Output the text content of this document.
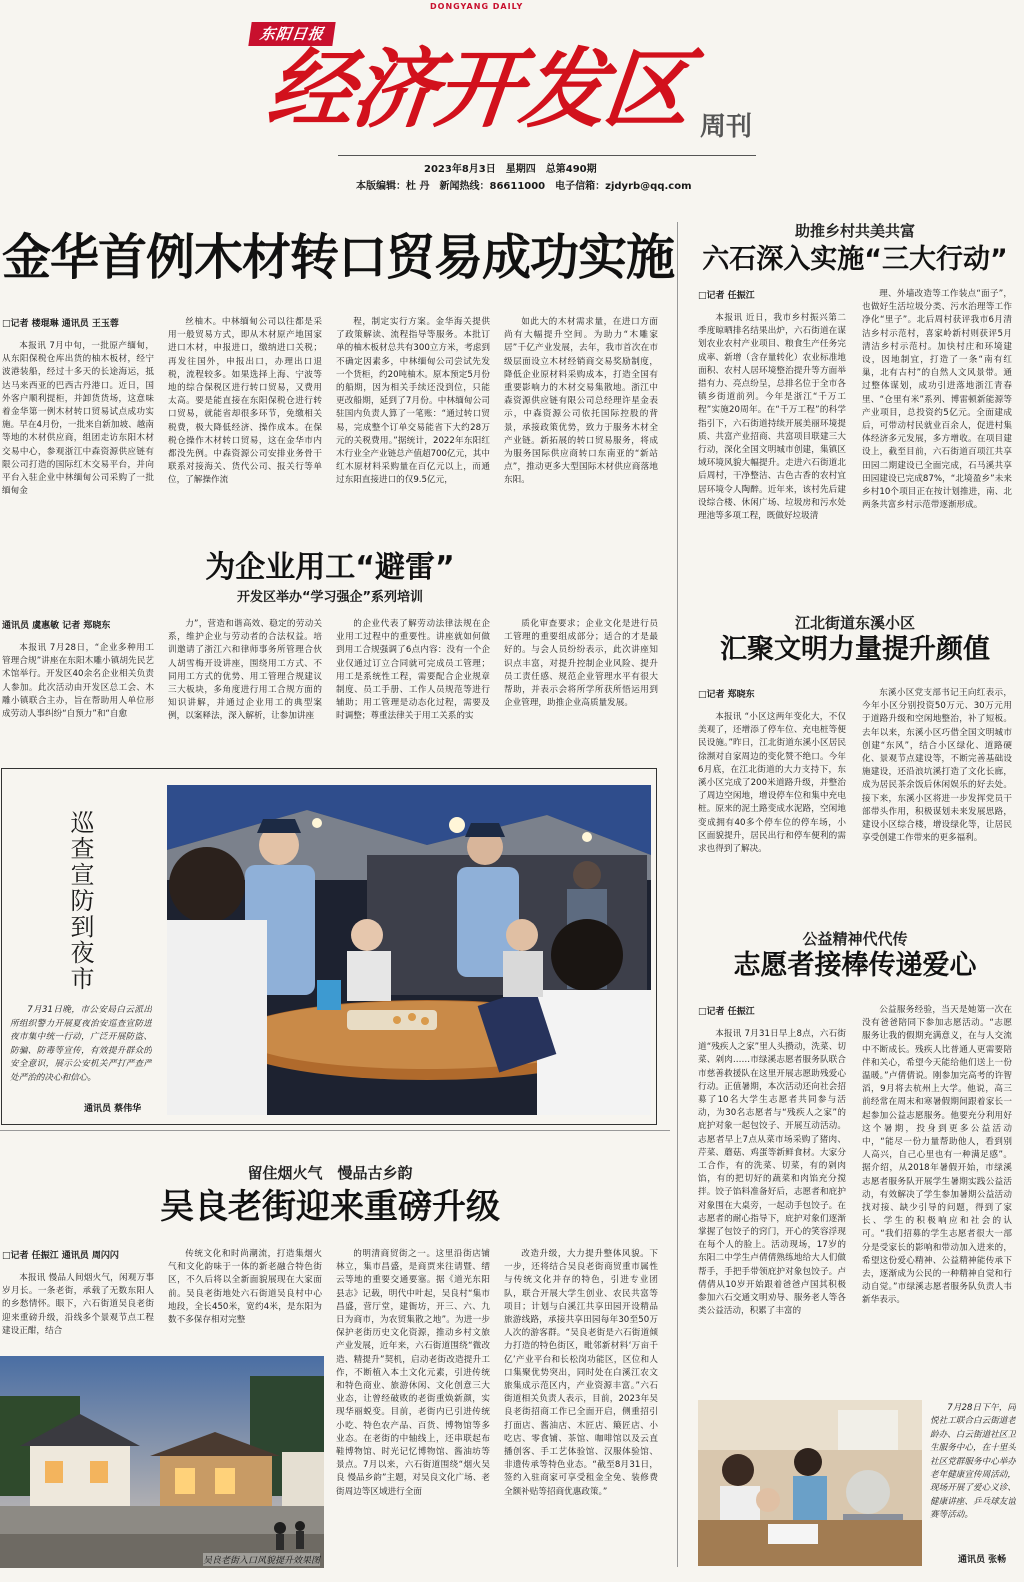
DONGYANG DAILY
东阳日报
经济开发区 周刊
2023年8月3日　星期四　总第490期
本版编辑：杜 丹　新闻热线：86611000　电子信箱：zjdyrb@qq.com
金华首例木材转口贸易成功实施
□记者 楼琨琳 通讯员 王玉蓉

本报讯 7月中旬，一批原产缅甸，从东阳保税仓库出货的柚木板材，经宁波港装船，经过十多天的长途海运，抵达马来西亚的巴西古丹港口。近日，国外客户顺利提柜，并卸货货场，这意味着金华第一例木材转口贸易试点成功实施。早在4月份，一批来自新加坡、越南等地的木材供应商，组团走访东阳木材交易中心，参观浙江中森资源供应链有限公司打造的国际红木交易平台，并向平台入驻企业中林缅甸公司采购了一批缅甸金

丝柚木。中林缅甸公司以往都是采用一般贸易方式，即从木材原产地国家进口木材，申报进口，缴纳进口关税；再发往国外，申报出口，办理出口退税，流程较多。如果选择上海、宁波等地的综合保税区进行转口贸易，又费用太高。要是能直接在东阳保税仓进行转口贸易，就能省却很多环节，免缴相关税费，极大降低经济、操作成本。在保税仓操作木材转口贸易，这在金华市内都没先例。中森资源公司安排业务骨干联系对接海关、货代公司、报关行等单位，了解操作流

程，制定实行方案。金华海关提供了政策解读、流程指导等服务。本批订单的柚木板材总共有300立方米，考虑到不确定因素多，中林缅甸公司尝试先发一个货柜，约20吨柚木。原本预定5月份的船期，因为相关手续还没到位，只能更改船期，延到了7月份。中林缅甸公司驻国内负责人算了一笔账：“通过转口贸易，完成整个订单交易能省下大约28万元的关税费用。”据统计，2022年东阳红木行业全产业链总产值超700亿元，其中红木原材料采购量在百亿元以上，而通过东阳直接进口的仅9.5亿元，

如此大的木材需求量，在进口方面尚有大幅提升空间。为助力“木雕家居”千亿产业发展，去年，我市首次在市级层面设立木材经销商交易奖励制度，降低企业原材料采购成本，打造全国有重要影响力的木材交易集散地。浙江中森资源供应链有限公司总经理许星金表示，中森资源公司依托国际控股的背景，承接政策优势，致力于服务木材全产业链。新拓展的转口贸易服务，将成为服务国际供应商转口东南亚的“新站点”，推动更多大型国际木材供应商落地东阳。

助推乡村共美共富
六石深入实施“三大行动”
□记者 任振江

本报讯 近日，我市乡村振兴第二季度晾晒排名结果出炉，六石街道在谋划农业农村产业项目、粮食生产任务完成率、新增（含存量转化）农业标准地面积、农村人居环境整治提升等方面举措有力、亮点纷呈，总排名位于全市各镇乡街道前列。今年是浙江“千万工程”实施20周年。在“千万工程”的科学指引下，六石街道持续开展美丽环境提质、共富产业招商、共富项目联建三大行动，深化全国文明城市创建，集镇区域环境风貌大幅提升。走进六石街道北后周村，干净整洁、古色古香的农村宜居环境令人陶醉。近年来，该村先后建设综合楼、休闲广场、垃圾房和污水处理池等多项工程，既做好垃圾清

理、外墙改造等工作装点“面子”，也做好生活垃圾分类、污水治理等工作净化“里子”。北后周村获评我市6月清洁乡村示范村，喜家岭新村则获评5月清洁乡村示范村。加快村庄和环境建设，因地制宜，打造了一条“南有红巢，北有古村”的自然人文风景带。通过整体谋划，成功引进落地浙江青春里、“仓里有米”系列、博雷顿新能源等产业项目，总投资约5亿元。全面建成后，可带动村民就业百余人，促进村集体经济多元发展，多方增收。在项目建设上，截至目前，六石街道百项江共享田园二期建设已全面完成，石马溪共享田园建设已完成87%，“北境盈乡”未来乡村10个项目正在按计划推进，南、北两条共富乡村示范带逐渐形成。

为企业用工“避雷”
开发区举办“学习强企”系列培训
通讯员 虞惠敏 记者 郑晓东

本报讯 7月28日，“企业多种用工管理合规”讲座在东阳木雕小镇胡先民艺术馆举行。开发区40余名企业相关负责人参加。此次活动由开发区总工会、木雕小镇联合主办，旨在帮助用人单位形成劳动人事纠纷“自预力”和“自愈

力”，营造和谐高效、稳定的劳动关系，维护企业与劳动者的合法权益。培训邀请了浙江六和律师事务所管理合伙人胡雪梅开设讲座，围绕用工方式、不同用工方式的优势、用工管理合规建议三大板块，多角度进行用工合规方面的知识讲解，并通过企业用工的典型案例，以案释法，深入解析，让参加讲座

的企业代表了解劳动法律法规在企业用工过程中的重要性。讲座就如何做到用工合规强调了6点内容：没有一个企业仅通过订立合同就可完成员工管理；用工是系统性工程，需要配合企业规章制度、员工手册、工作人员规范等进行辅助；用工管理是动态化过程，需要及时调整；尊重法律关于用工关系的实

质化审查要求；企业文化是进行员工管理的重要组成部分；适合的才是最好的。与会人员纷纷表示，此次讲座知识点丰富，对提升控制企业风险、提升员工责任感、规范企业管理水平有很大帮助，并表示会将所学所获所悟运用到企业管理，助推企业高质量发展。

江北街道东溪小区
汇聚文明力量提升颜值
□记者 郑晓东

本报讯 “小区这两年变化大，不仅美观了，还增添了停车位、充电桩等便民设施。”昨日，江北街道东溪小区居民徐濒对自家周边的变化赞不绝口。今年6月底，在江北街道的大力支持下，东溪小区完成了200米道路升级，并整治了周边空闲地，增设停车位和集中充电桩。原来的泥土路变成水泥路，空闲地变成拥有40多个停车位的停车场，小区面貌提升，居民出行和停车便利的需求也得到了解决。

东溪小区党支部书记王向红表示，今年小区分别投资50万元、30万元用于道路升级和空闲地整治，补了短板。去年以来，东溪小区巧借全国文明城市创建“东风”，结合小区绿化、道路硬化、景观节点建设等，不断完善基础设施建设，还沿浪坑溪打造了文化长廊，成为居民茶余饭后休闲娱乐的好去处。接下来，东溪小区将进一步发挥党员干部带头作用，积极谋划未来发展思路，建设小区综合楼，增设绿化等，让居民享受创建工作带来的更多福利。

巡查宣防到夜市

7月31日晚，市公安局白云派出所组织警力开展夏夜治安巡查宣防进夜市集中统一行动，广泛开展防盗、防骗、防毒等宣传，有效提升群众的安全意识，展示公安机关严打严查严处严治的决心和信心。

通讯员 蔡伟华
公益精神代代传
志愿者接棒传递爱心
□记者 任振江

本报讯 7月31日早上8点，六石街道“残疾人之家”里人头攒动，洗菜、切菜、剁肉……市绿溪志愿者服务队联合市慈善救援队在这里开展志愿助残爱心行动。正值暑期，本次活动还向社会招募了10名大学生志愿者共同参与活动，为30名志愿者与“残疾人之家”的庇护对象一起包饺子、开展互动活动。志愿者早上7点从菜市场采购了猪肉、芹菜、蘑菇、鸡蛋等新鲜食材。大家分工合作，有的洗菜、切菜，有的剁肉馅，有的把切好的蔬菜和肉馅充分搅拌。饺子馅料准备好后，志愿者和庇护对象围在大桌旁，一起动手包饺子。在志愿者的耐心指导下，庇护对象们逐渐掌握了包饺子的窍门，开心的笑容浮现在每个人的脸上。活动现场，17岁的东阳二中学生卢倩倩熟练地给大人们做帮手，手把手带领庇护对象包饺子。卢倩倩从10岁开始跟着爸爸卢国其积极参加六石交通文明劝导、服务老人等各类公益活动，积累了丰富的

公益服务经验，当天是她第一次在没有爸爸陪同下参加志愿活动。“志愿服务让我的假期充满意义，在与人交流中不断成长。残疾人比普通人更需要陪伴和关心，希望今天能给他们送上一份温暖。”卢倩倩说。刚参加完高考的许智滔，9月将去杭州上大学。他说，高三前经常在周末和寒暑假期间跟着家长一起参加公益志愿服务。他要充分利用好这个暑期，投身到更多公益活动中，“能尽一份力量帮助他人，看到别人高兴，自己心里也有一种满足感”。据介绍，从2018年暑假开始，市绿溪志愿者服务队开展学生暑期实践公益活动，有效解决了学生参加暑期公益活动找对接、缺少引导的问题，得到了家长、学生的积极响应和社会的认可。“我们招募的学生志愿者很大一部分是受家长的影响和带动加入进来的，希望这份爱心精神、公益精神能传承下去，逐渐成为公民的一种精神自觉和行动自觉。”市绿溪志愿者服务队负责人韦新华表示。

7月28日下午，同悦社工联合白云街道老龄办、白云街道社区卫生服务中心，在十里头社区党群服务中心举办老年健康宣传周活动，现场开展了爱心义诊、健康讲座、乒乓球友谊赛等活动。

通讯员 张畅
留住烟火气　慢品古乡韵
吴良老街迎来重磅升级
□记者 任振江 通讯员 周闪闪

本报讯 慢品人间烟火气，闲观万事岁月长。一条老街，承载了无数东阳人的乡愁情怀。眼下，六石街道吴良老街迎来重磅升级，沿线多个景观节点工程建设正酣，结合

传统文化和时尚潮流，打造集烟火气和文化韵味于一体的新老融合特色街区，不久后将以全新面貌展现在大家面前。吴良老街地处六石街道吴良村中心地段，全长450米，宽约4米，是东阳为数不多保存相对完整

的明清商贸街之一。这里沿街店铺林立，集市昌盛，是商贾来往请暨、缙云等地的重要交通要塞。据《道光东阳县志》记载，明代中叶起，吴良村“集市昌盛，营厅堂，建衙坊，开三、六、九日为商市，为农贸集散之地”。为进一步保护老街历史文化资源，推动乡村文旅产业发展，近年来，六石街道围绕“微改造、精提升”契机，启动老街改造提升工作，不断植入本土文化元素，引进传统和特色商业、旅游休闲、文化创意三大业态，让曾经破败的老街重焕新颜，实现华丽蜕变。目前，老街内已引进传统小吃、特色农产品、百货、博物馆等多业态。在老街的中轴线上，还串联起布鞋博物馆、时光记忆博物馆、酱油坊等景点。7月以来，六石街道围绕“烟火吴良 慢品乡韵”主题，对吴良文化广场、老街周边等区域进行全面

改造升级，大力提升整体风貌。下一步，还将结合吴良老街商贸重市属性与传统文化并存的特色，引进专业团队，联合开展大学生创业、农民共富等项目；计划与白溪江共享田园开设精品旅游线路，承接共享田园每年30至50万人次的游客群。“吴良老街是六石街道倾力打造的特色街区，毗邻新材料‘万亩千亿’产业平台和长松岗功能区，区位和人口集聚优势突出，同时处在白溪江农文旅集成示范区内，产业资源丰富。”六石街道相关负责人表示，目前，2023年吴良老街招商工作已全面开启，侧重招引打面店、酱油店、木匠店、簸匠店、小吃店、零食铺、茶馆、咖啡馆以及云直播创客、手工艺体验馆、汉服体验馆、非遗传承等特色业态。“截至8月31日，签约入驻商家可享受租金全免、装修费全额补贴等招商优惠政策。”

吴良老街入口风貌提升效果图
